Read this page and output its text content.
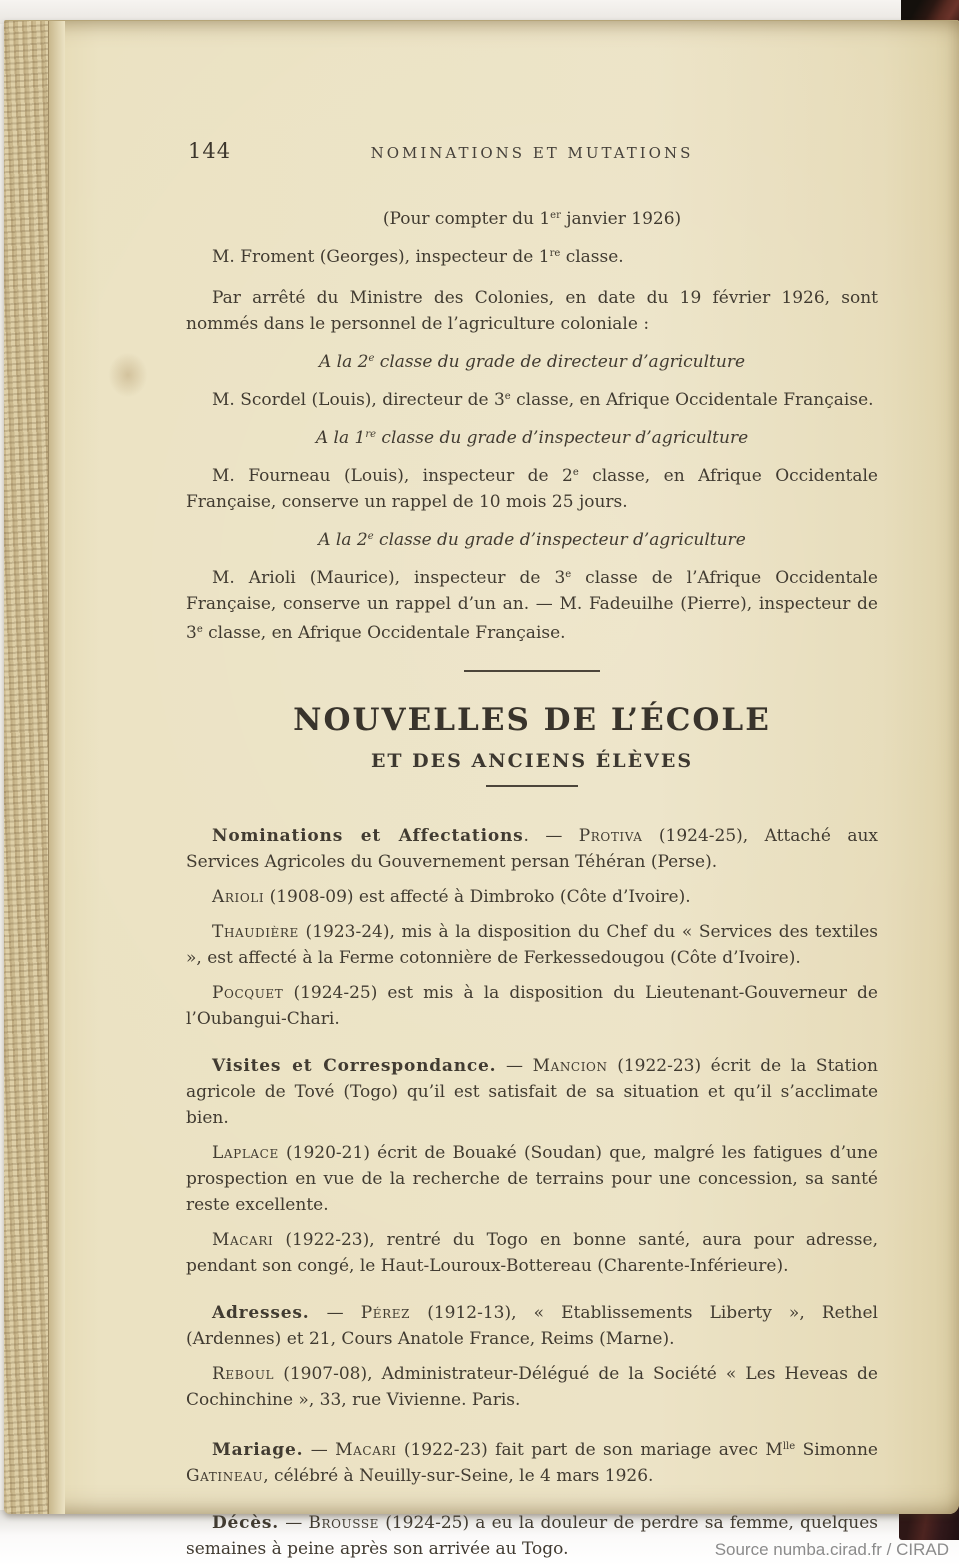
144	NOMINATIONS ET MUTATIONS

(Pour compter du 1er janvier 1926)

M. Froment (Georges), inspecteur de 1re classe.

Par arrêté du Ministre des Colonies, en date du 19 février 1926, sont nommés dans le personnel de l’agriculture coloniale :

A la 2e classe du grade de directeur d’agriculture

M. Scordel (Louis), directeur de 3e classe, en Afrique Occidentale Française.

A la 1re classe du grade d’inspecteur d’agriculture

M. Fourneau (Louis), inspecteur de 2e classe, en Afrique Occidentale Française, conserve un rappel de 10 mois 25 jours.

A la 2e classe du grade d’inspecteur d’agriculture

M. Arioli (Maurice), inspecteur de 3e classe de l’Afrique Occidentale Française, conserve un rappel d’un an. — M. Fadeuilhe (Pierre), inspecteur de 3e classe, en Afrique Occidentale Française.

NOUVELLES DE L’ÉCOLE
ET DES ANCIENS ÉLÈVES

Nominations et Affectations. — Protiva (1924-25), Attaché aux Services Agricoles du Gouvernement persan Téhéran (Perse).

Arioli (1908-09) est affecté à Dimbroko (Côte d’Ivoire).

Thaudière (1923-24), mis à la disposition du Chef du « Services des textiles », est affecté à la Ferme cotonnière de Ferkessedougou (Côte d’Ivoire).

Pocquet (1924-25) est mis à la disposition du Lieutenant-Gouverneur de l’Oubangui-Chari.

Visites et Correspondance. — Mancion (1922-23) écrit de la Station agricole de Tové (Togo) qu’il est satisfait de sa situation et qu’il s’acclimate bien.

Laplace (1920-21) écrit de Bouaké (Soudan) que, malgré les fatigues d’une prospection en vue de la recherche de terrains pour une concession, sa santé reste excellente.

Macari (1922-23), rentré du Togo en bonne santé, aura pour adresse, pendant son congé, le Haut-Louroux-Bottereau (Charente-Inférieure).

Adresses. — Pérez (1912-13), « Etablissements Liberty », Rethel (Ardennes) et 21, Cours Anatole France, Reims (Marne).

Reboul (1907-08), Administrateur-Délégué de la Société « Les Heveas de Cochinchine », 33, rue Vivienne. Paris.

Mariage. — Macari (1922-23) fait part de son mariage avec $M^{lle}$ Simonne Gatineau, célébré à Neuilly-sur-Seine, le 4 mars 1926.

Décès. — Brousse (1924-25) a eu la douleur de perdre sa femme, quelques semaines à peine après son arrivée au Togo.	Source numba.cirad.fr / CIRAD
